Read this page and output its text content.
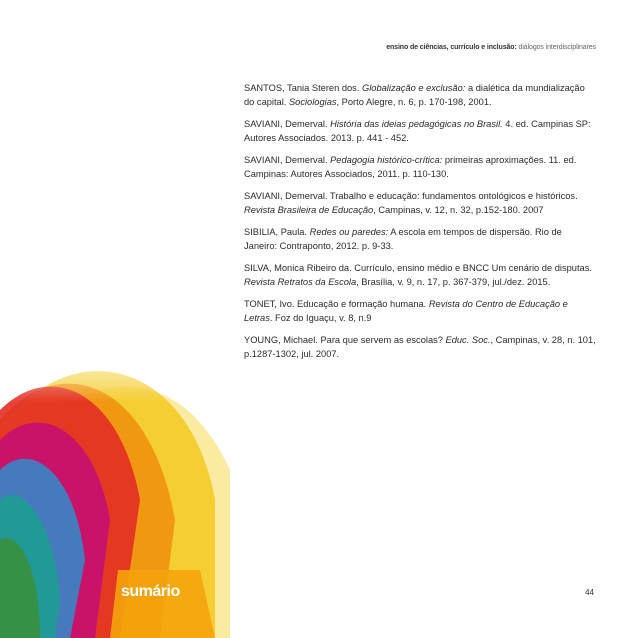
ensino de ciências, currículo e inclusão: diálogos interdisciplinares

SANTOS, Tania Steren dos. Globalização e exclusão: a dialética da mundialização do capital. Sociologias, Porto Alegre, n. 6, p. 170-198, 2001.

SAVIANI, Demerval. História das ideias pedagógicas no Brasil. 4. ed. Campinas SP: Autores Associados. 2013. p. 441 - 452.

SAVIANI, Demerval. Pedagogia histórico-crítica: primeiras aproximações. 11. ed. Campinas: Autores Associados, 2011. p. 110-130.

SAVIANI, Demerval. Trabalho e educação: fundamentos ontológicos e históricos. Revista Brasileira de Educação, Campinas, v. 12, n. 32, p.152-180. 2007

SIBILIA, Paula. Redes ou paredes: A escola em tempos de dispersão. Rio de Janeiro: Contraponto, 2012. p. 9-33.

SILVA, Monica Ribeiro da. Currículo, ensino médio e BNCC Um cenário de disputas. Revista Retratos da Escola, Brasília, v. 9, n. 17, p. 367-379, jul./dez. 2015.

TONET, Ivo. Educação e formação humana. Revista do Centro de Educação e Letras. Foz do Iguaçu, v. 8, n.9

YOUNG, Michael. Para que servem as escolas? Educ. Soc., Campinas, v. 28, n. 101, p.1287-1302, jul. 2007.

sumário	44
